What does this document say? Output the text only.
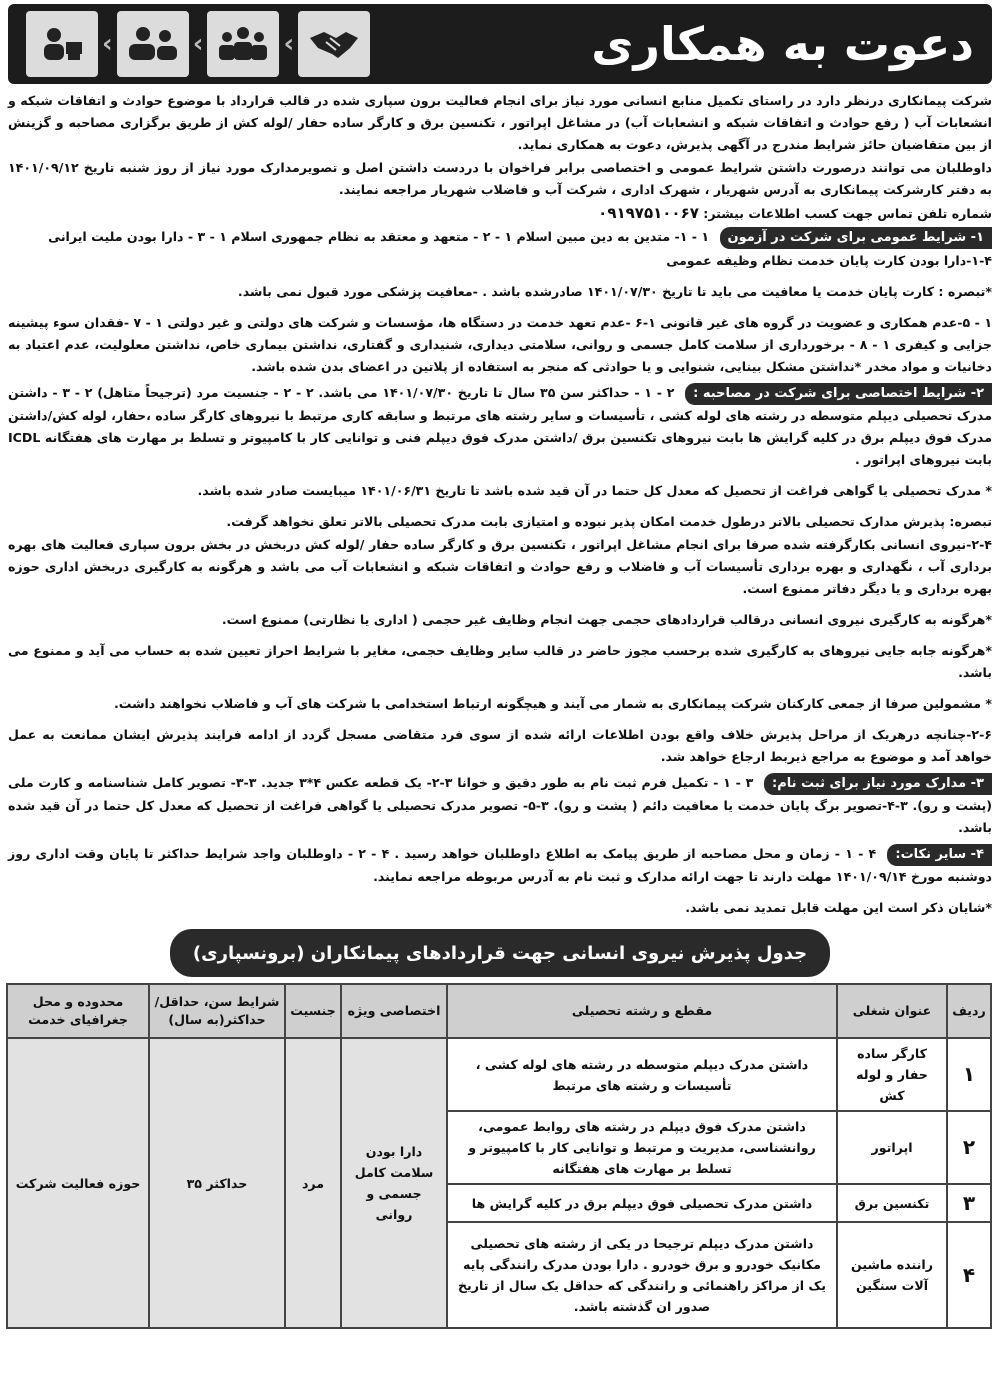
دعوت به همکاری
‹	‹	‹

شرکت پیمانکاری درنظر دارد در راستای تکمیل منابع انسانی مورد نیاز برای انجام فعالیت برون سپاری شده در قالب قرارداد با موضوع حوادث و اتفاقات شبکه و انشعابات آب ( رفع حوادث و اتفاقات شبکه و انشعابات آب) در مشاغل اپراتور ، تکنسین برق و کارگر ساده حفار /لوله کش از طریق برگزاری مصاحبه و گزینش از بین متقاضیان حائز شرایط مندرج در آگهی پذیرش، دعوت به همکاری نماید.

داوطلبان می توانند درصورت داشتن شرایط عمومی و اختصاصی برابر فراخوان با دردست داشتن اصل و تصویرمدارک مورد نیاز از روز شنبه تاریخ ۱۴۰۱/۰۹/۱۲ به دفتر کارشرکت پیمانکاری به آدرس شهریار ، شهرک اداری ، شرکت آب و فاضلاب شهریار مراجعه نمایند.

شماره تلفن تماس جهت کسب اطلاعات بیشتر: ۰۹۱۹۷۵۱۰۰۶۷

۱- شرایط عمومی برای شرکت در آزمون ۱ - ۱- متدین به دین مبین اسلام ۱ - ۲ - متعهد و معتقد به نظام جمهوری اسلام ۱ - ۳ - دارا بودن ملیت ایرانی

۱-۴-دارا بودن کارت پایان خدمت نظام وظیفه عمومی

*تبصره : کارت پایان خدمت یا معافیت می باید تا تاریخ ۱۴۰۱/۰۷/۳۰ صادرشده باشد . -معافیت پزشکی مورد قبول نمی باشد.

۱ - ۵-عدم همکاری و عضویت در گروه های غیر قانونی ۱-۶ -عدم تعهد خدمت در دستگاه ها، مؤسسات و شرکت های دولتی و غیر دولتی ۱ - ۷ -فقدان سوء پیشینه جزایی و کیفری ۱ - ۸ - برخورداری از سلامت کامل جسمی و روانی، سلامتی دیداری، شنیداری و گفتاری، نداشتن بیماری خاص، نداشتن معلولیت، عدم اعتیاد به دخانیات و مواد مخدر *نداشتن مشکل بینایی، شنوایی و یا حوادثی که منجر به استفاده از پلاتین در اعضای بدن شده باشد.

۲- شرایط اختصاصی برای شرکت در مصاحبه : ۲ - ۱ - حداکثر سن ۳۵ سال تا تاریخ ۱۴۰۱/۰۷/۳۰ می باشد. ۲ - ۲ - جنسیت مرد (ترجیحاً متاهل) ۲ - ۳ - داشتن مدرک تحصیلی دیپلم متوسطه در رشته های لوله کشی ، تأسیسات و سایر رشته های مرتبط و سابقه کاری مرتبط با نیروهای کارگر ساده ،حفار، لوله کش/داشتن مدرک فوق دیپلم برق در کلیه گرایش ها بابت نیروهای تکنسین برق /داشتن مدرک فوق دیپلم فنی و توانایی کار با کامپیوتر و تسلط بر مهارت های هفتگانه ICDL بابت نیروهای اپراتور .

* مدرک تحصیلی یا گواهی فراغت از تحصیل که معدل کل حتما در آن قید شده باشد تا تاریخ ۱۴۰۱/۰۶/۳۱ میبایست صادر شده باشد.

تبصره: پذیرش مدارک تحصیلی بالاتر درطول خدمت امکان پذیر نبوده و امتیازی بابت مدرک تحصیلی بالاتر تعلق نخواهد گرفت.

۲-۴-نیروی انسانی بکارگرفته شده صرفا برای انجام مشاغل اپراتور ، تکنسین برق و کارگر ساده حفار /لوله کش دربخش در بخش برون سپاری فعالیت های بهره برداری آب ، نگهداری و بهره برداری تأسیسات آب و فاضلاب و رفع حوادث و اتفاقات شبکه و انشعابات آب می باشد و هرگونه به کارگیری دربخش اداری حوزه بهره برداری و یا دیگر دفاتر ممنوع است.

*هرگونه به کارگیری نیروی انسانی درقالب قراردادهای حجمی جهت انجام وظایف غیر حجمی ( اداری یا نظارتی) ممنوع است.

*هرگونه جابه جایی نیروهای به کارگیری شده برحسب مجوز حاضر در قالب سایر وظایف حجمی، مغایر با شرایط احراز تعیین شده به حساب می آید و ممنوع می باشد.

* مشمولین صرفا از جمعی کارکنان شرکت پیمانکاری به شمار می آیند و هیچگونه ارتباط استخدامی با شرکت های آب و فاضلاب نخواهند داشت.

۲-۶-چنانچه درهریک از مراحل پذیرش خلاف واقع بودن اطلاعات ارائه شده از سوی فرد متقاضی مسجل گردد از ادامه فرایند پذیرش ایشان ممانعت به عمل خواهد آمد و موضوع به مراجع ذیربط ارجاع خواهد شد.

۳- مدارک مورد نیاز برای ثبت نام: ۳ - ۱ - تکمیل فرم ثبت نام به طور دقیق و خوانا ۳-۲- یک قطعه عکس ۴*۳ جدید. ۳-۳- تصویر کامل شناسنامه و کارت ملی (پشت و رو). ۳-۴-تصویر برگ پایان خدمت یا معافیت دائم ( پشت و رو). ۳-۵- تصویر مدرک تحصیلی یا گواهی فراغت از تحصیل که معدل کل حتما در آن قید شده باشد.

۴- سایر نکات: ۴ - ۱ - زمان و محل مصاحبه از طریق پیامک به اطلاع داوطلبان خواهد رسید . ۴ - ۲ - داوطلبان واجد شرایط حداکثر تا پایان وقت اداری روز دوشنبه مورخ ۱۴۰۱/۰۹/۱۴ مهلت دارند تا جهت ارائه مدارک و ثبت نام به آدرس مربوطه مراجعه نمایند.

*شایان ذکر است این مهلت قابل تمدید نمی باشد.

جدول پذیرش نیروی انسانی جهت قراردادهای پیمانکاران (برونسپاری)
ردیف	عنوان شغلی	مقطع و رشته تحصیلی	اختصاصی ویژه	جنسیت	شرایط سن، حداقل/ حداکثر(به سال)	محدوده و محل جغرافیای خدمت
۱	کارگر ساده حفار و لوله کش	داشتن مدرک دیپلم متوسطه در رشته های لوله کشی ، تأسیسات و رشته های مرتبط	دارا بودن سلامت کامل جسمی و روانی	مرد	حداکثر ۳۵	حوزه فعالیت شرکت
۲	اپراتور	داشتن مدرک فوق دیپلم در رشته های روابط عمومی، روانشناسی، مدیریت و مرتبط و توانایی کار با کامپیوتر و تسلط بر مهارت های هفتگانه				
۳	تکنسین برق	داشتن مدرک تحصیلی فوق دیپلم برق در کلیه گرایش ها				
۴	راننده ماشین آلات سنگین	داشتن مدرک دیپلم ترجیحا در یکی از رشته های تحصیلی مکانیک خودرو و برق خودرو . دارا بودن مدرک رانندگی پایه یک از مراکز راهنمائی و رانندگی که حداقل یک سال از تاریخ صدور ان گذشته باشد.				
